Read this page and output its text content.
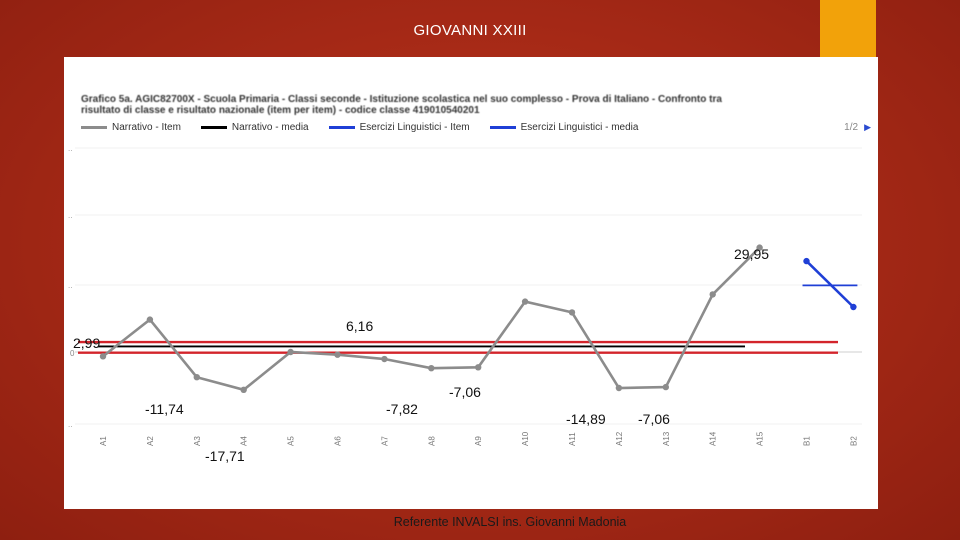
GIOVANNI XXIII
Grafico 5a. AGIC82700X - Scuola Primaria - Classi seconde - Istituzione scolastica nel suo complesso - Prova di Italiano - Confronto tra
risultato di classe e risultato nazionale (item per item) - codice classe 419010540201
Narrativo - Item	Narrativo - media	Esercizi Linguistici - Item	Esercizi Linguistici - media	1/2 ▶
..
..
..
..
0
A1	A2	A3	A4	A5	A6	A7	A8	A9	A10	A11	A12	A13	A14	A15	B1	B2
2,99
6,16
29,95
-11,74
-17,71
-7,82
-7,06
-14,89 -7,06
Referente INVALSI ins. Giovanni Madonia
